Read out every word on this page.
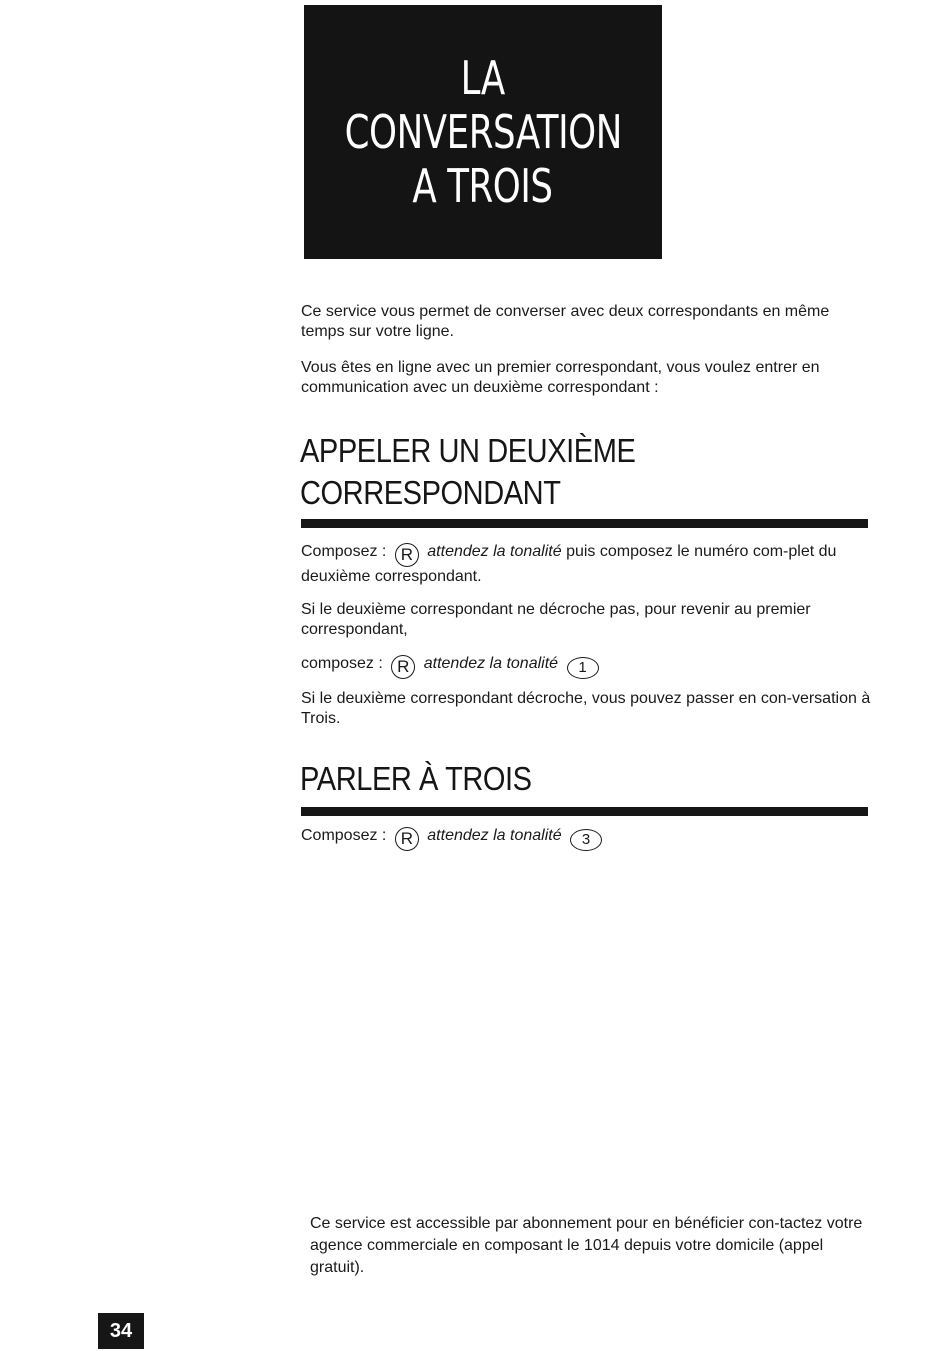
LA
CONVERSATION
A TROIS

Ce service vous permet de converser avec deux correspondants en même temps sur votre ligne.

Vous êtes en ligne avec un premier correspondant, vous voulez entrer en communication avec un deuxième correspondant :

APPELER UN DEUXIÈME
CORRESPONDANT

Composez : R attendez la tonalité puis composez le numéro com-plet du deuxième correspondant.

Si le deuxième correspondant ne décroche pas, pour revenir au premier correspondant,

composez : R attendez la tonalité 1

Si le deuxième correspondant décroche, vous pouvez passer en con-versation à Trois.

PARLER À TROIS

Composez : R attendez la tonalité 3

Ce service est accessible par abonnement pour en bénéficier con-tactez votre agence commerciale en composant le 1014 depuis votre domicile (appel gratuit).

34
